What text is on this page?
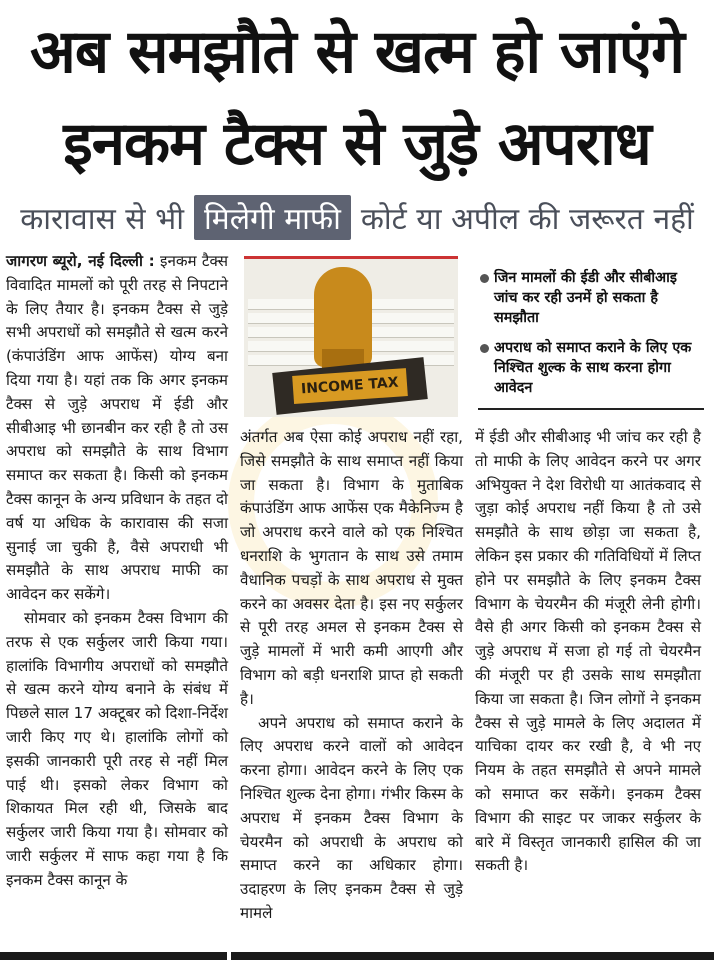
अब समझौते से खत्म हो जाएंगे
इनकम टैक्स से जुड़े अपराध
कारावास से भी मिलेगी माफी कोर्ट या अपील की जरूरत नहीं

जागरण ब्यूरो, नई दिल्ली : इनकम टैक्स विवादित मामलों को पूरी तरह से निपटाने के लिए तैयार है। इनकम टैक्स से जुड़े सभी अपराधों को समझौते से खत्म करने (कंपाउंडिंग आफ आफेंस) योग्य बना दिया गया है। यहां तक कि अगर इनकम टैक्स से जुड़े अपराध में ईडी और सीबीआइ भी छानबीन कर रही है तो उस अपराध को समझौते के साथ विभाग समाप्त कर सकता है। किसी को इनकम टैक्स कानून के अन्य प्रविधान के तहत दो वर्ष या अधिक के कारावास की सजा सुनाई जा चुकी है, वैसे अपराधी भी समझौते के साथ अपराध माफी का आवेदन कर सकेंगे।

सोमवार को इनकम टैक्स विभाग की तरफ से एक सर्कुलर जारी किया गया। हालांकि विभागीय अपराधों को समझौते से खत्म करने योग्य बनाने के संबंध में पिछले साल 17 अक्टूबर को दिशा-निर्देश जारी किए गए थे। हालांकि लोगों को इसकी जानकारी पूरी तरह से नहीं मिल पाई थी। इसको लेकर विभाग को शिकायत मिल रही थी, जिसके बाद सर्कुलर जारी किया गया है। सोमवार को जारी सर्कुलर में साफ कहा गया है कि इनकम टैक्स कानून के

INCOME TAX
जिन मामलों की ईडी और सीबीआइ जांच कर रही उनमें हो सकता है समझौता
अपराध को समाप्त कराने के लिए एक निश्चित शुल्क के साथ करना होगा आवेदन

अंतर्गत अब ऐसा कोई अपराध नहीं रहा, जिसे समझौते के साथ समाप्त नहीं किया जा सकता है। विभाग के मुताबिक कंपाउंडिंग आफ आफेंस एक मैकेनिज्म है जो अपराध करने वाले को एक निश्चित धनराशि के भुगतान के साथ उसे तमाम वैधानिक पचड़ों के साथ अपराध से मुक्त करने का अवसर देता है। इस नए सर्कुलर से पूरी तरह अमल से इनकम टैक्स से जुड़े मामलों में भारी कमी आएगी और विभाग को बड़ी धनराशि प्राप्त हो सकती है।

अपने अपराध को समाप्त कराने के लिए अपराध करने वालों को आवेदन करना होगा। आवेदन करने के लिए एक निश्चित शुल्क देना होगा। गंभीर किस्म के अपराध में इनकम टैक्स विभाग के चेयरमैन को अपराधी के अपराध को समाप्त करने का अधिकार होगा। उदाहरण के लिए इनकम टैक्स से जुड़े मामले

में ईडी और सीबीआइ भी जांच कर रही है तो माफी के लिए आवेदन करने पर अगर अभियुक्त ने देश विरोधी या आतंकवाद से जुड़ा कोई अपराध नहीं किया है तो उसे समझौते के साथ छोड़ा जा सकता है, लेकिन इस प्रकार की गतिविधियों में लिप्त होने पर समझौते के लिए इनकम टैक्स विभाग के चेयरमैन की मंजूरी लेनी होगी। वैसे ही अगर किसी को इनकम टैक्स से जुड़े अपराध में सजा हो गई तो चेयरमैन की मंजूरी पर ही उसके साथ समझौता किया जा सकता है। जिन लोगों ने इनकम टैक्स से जुड़े मामले के लिए अदालत में याचिका दायर कर रखी है, वे भी नए नियम के तहत समझौते से अपने मामले को समाप्त कर सकेंगे। इनकम टैक्स विभाग की साइट पर जाकर सर्कुलर के बारे में विस्तृत जानकारी हासिल की जा सकती है।
